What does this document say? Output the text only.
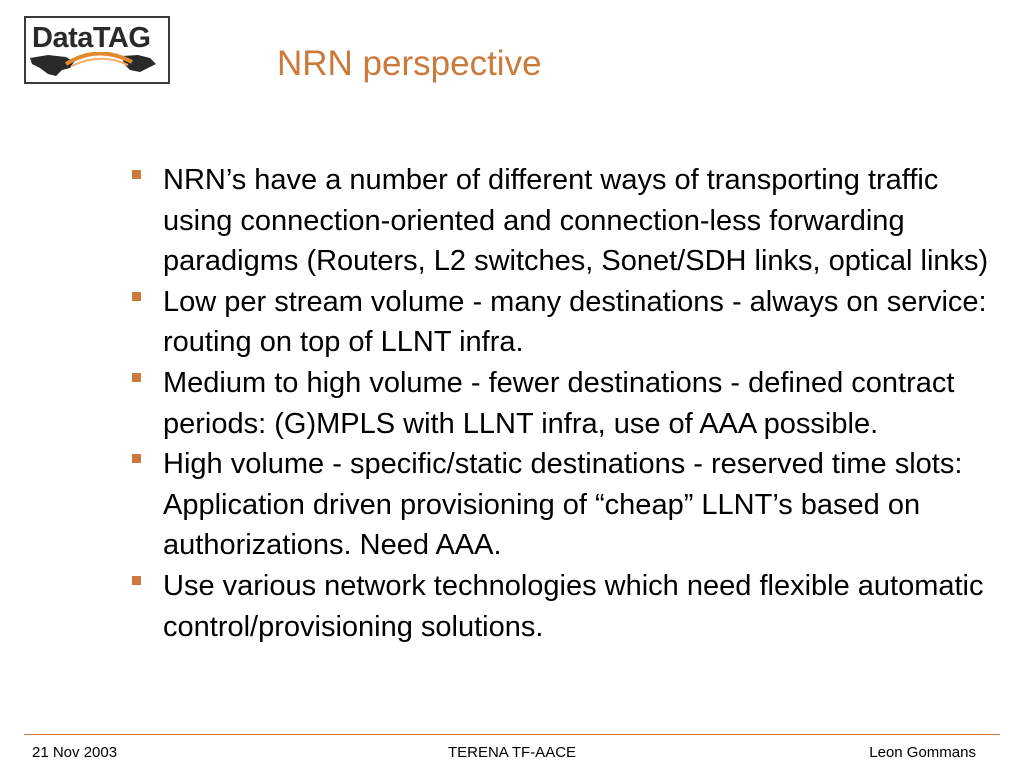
DataTAG
NRN perspective
NRN’s have a number of different ways of transporting traffic using connection-oriented and connection-less forwarding paradigms (Routers, L2 switches, Sonet/SDH links, optical links)
Low per stream volume - many destinations - always on service: routing on top of LLNT infra.
Medium to high volume - fewer destinations - defined contract periods: (G)MPLS with LLNT infra, use of AAA possible.
High volume - specific/static destinations - reserved time slots: Application driven provisioning of “cheap” LLNT’s based on authorizations. Need AAA.
Use various network technologies which need flexible automatic control/provisioning solutions.
21 Nov 2003	TERENA TF-AACE	Leon Gommans
